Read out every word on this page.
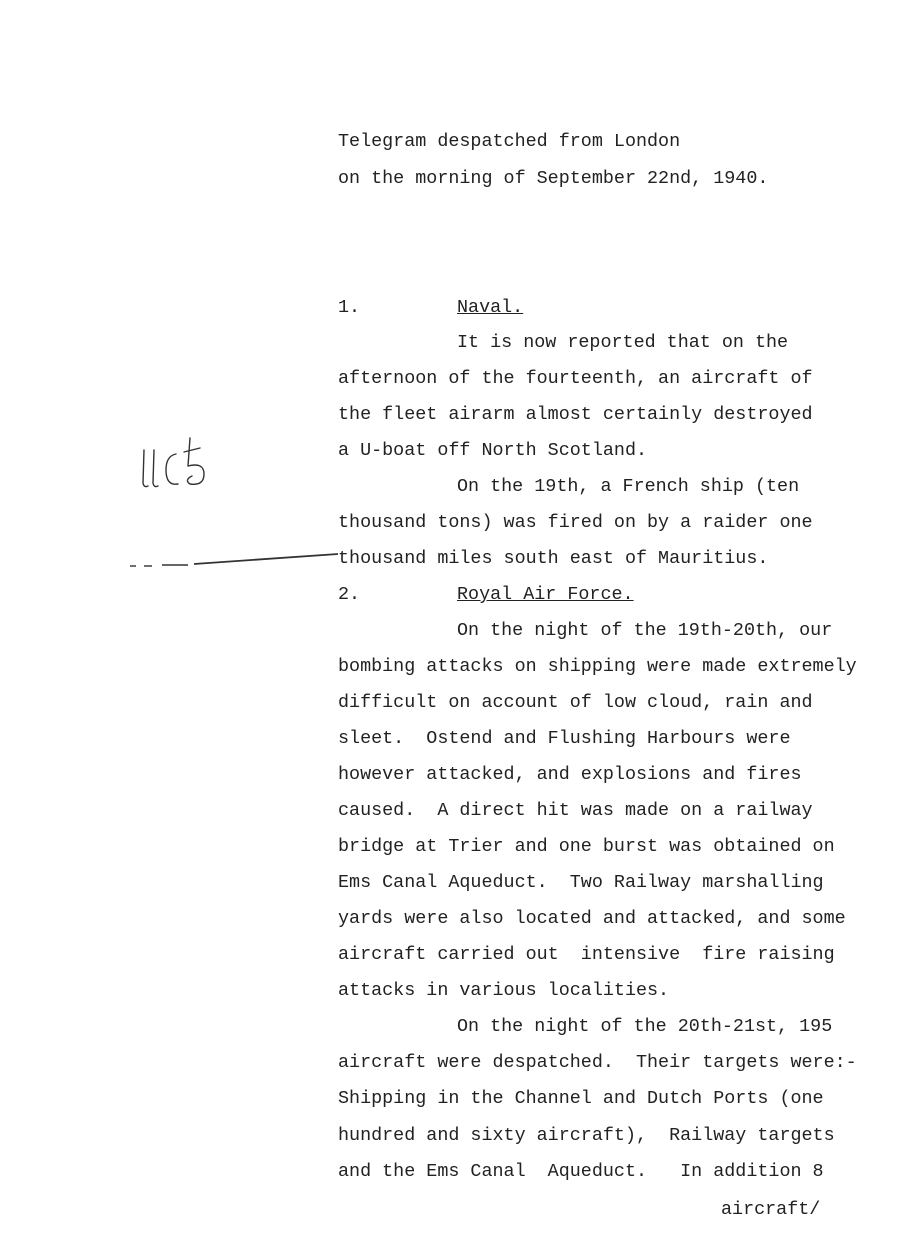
Telegram despatched from London
on the morning of September 22nd, 1940.
1.	Naval.
It is now reported that on the
afternoon of the fourteenth, an aircraft of
the fleet airarm almost certainly destroyed
a U-boat off North Scotland.
On the 19th, a French ship (ten
thousand tons) was fired on by a raider one
thousand miles south east of Mauritius.
2.	Royal Air Force.
On the night of the 19th-20th, our
bombing attacks on shipping were made extremely
difficult on account of low cloud, rain and
sleet.  Ostend and Flushing Harbours were
however attacked, and explosions and fires
caused.  A direct hit was made on a railway
bridge at Trier and one burst was obtained on
Ems Canal Aqueduct.  Two Railway marshalling
yards were also located and attacked, and some
aircraft carried out  intensive  fire raising
attacks in various localities.
On the night of the 20th-21st, 195
aircraft were despatched.  Their targets were:-
Shipping in the Channel and Dutch Ports (one
hundred and sixty aircraft),  Railway targets
and the Ems Canal  Aqueduct.   In addition 8
aircraft/
